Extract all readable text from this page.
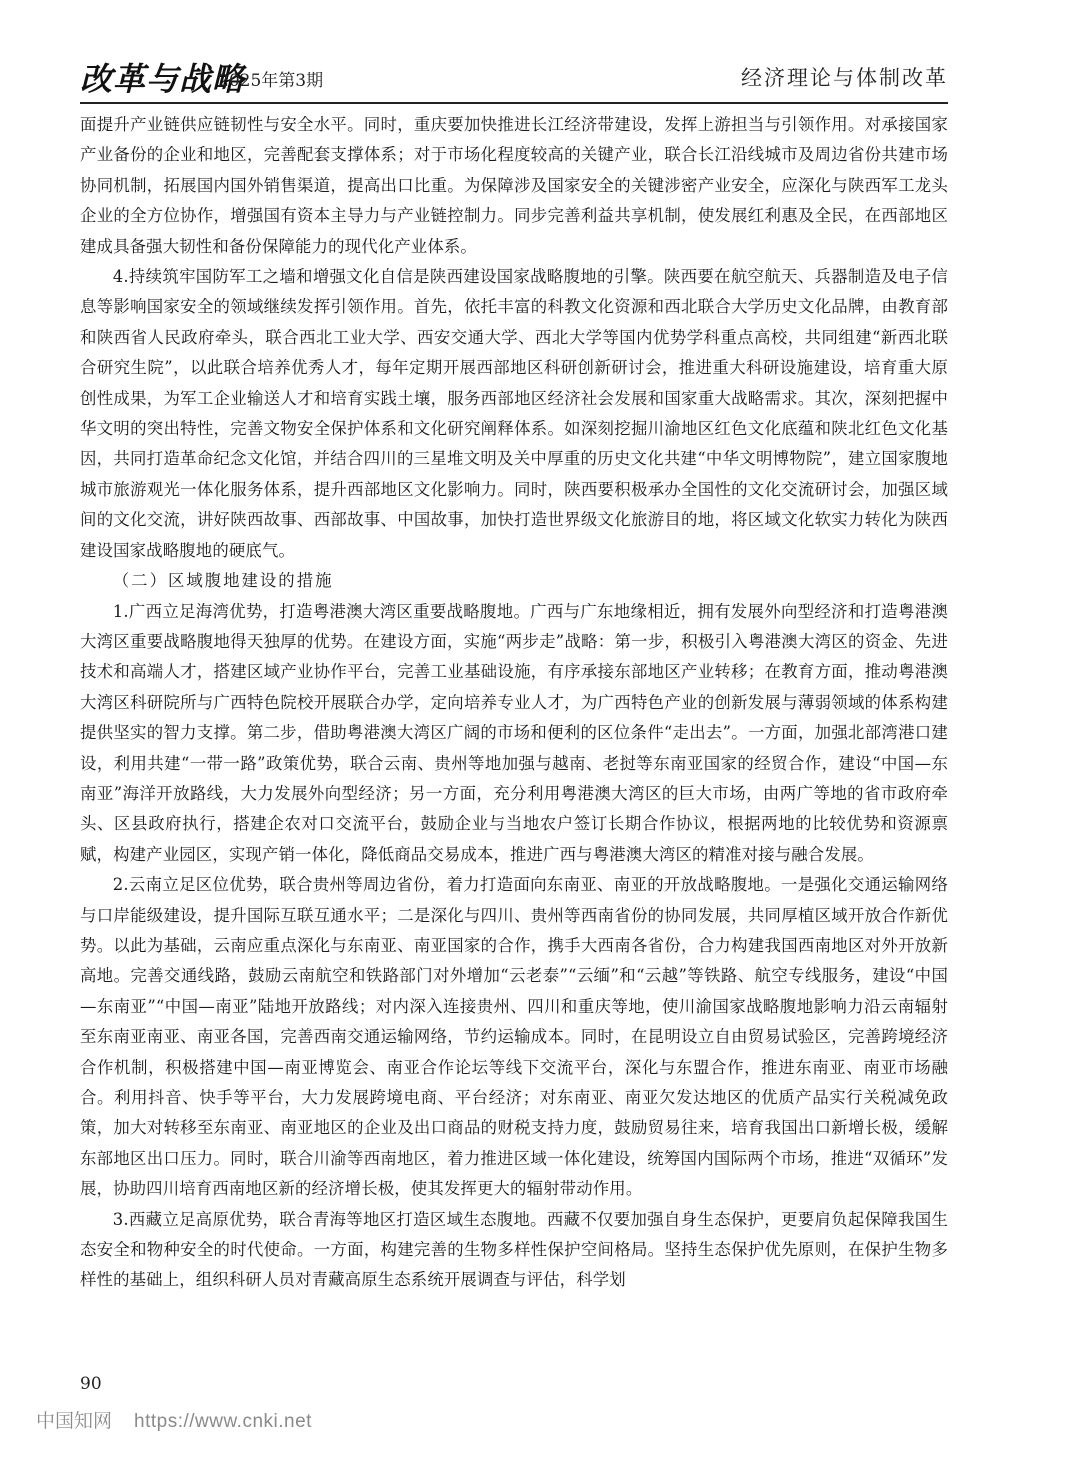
改革与战略
2025年第3期	经济理论与体制改革

面提升产业链供应链韧性与安全水平。同时，重庆要加快推进长江经济带建设，发挥上游担当与引领作用。对承接国家产业备份的企业和地区，完善配套支撑体系；对于市场化程度较高的关键产业，联合长江沿线城市及周边省份共建市场协同机制，拓展国内国外销售渠道，提高出口比重。为保障涉及国家安全的关键涉密产业安全，应深化与陕西军工龙头企业的全方位协作，增强国有资本主导力与产业链控制力。同步完善利益共享机制，使发展红利惠及全民，在西部地区建成具备强大韧性和备份保障能力的现代化产业体系。

4.持续筑牢国防军工之墙和增强文化自信是陕西建设国家战略腹地的引擎。陕西要在航空航天、兵器制造及电子信息等影响国家安全的领域继续发挥引领作用。首先，依托丰富的科教文化资源和西北联合大学历史文化品牌，由教育部和陕西省人民政府牵头，联合西北工业大学、西安交通大学、西北大学等国内优势学科重点高校，共同组建“新西北联合研究生院”，以此联合培养优秀人才，每年定期开展西部地区科研创新研讨会，推进重大科研设施建设，培育重大原创性成果，为军工企业输送人才和培育实践土壤，服务西部地区经济社会发展和国家重大战略需求。其次，深刻把握中华文明的突出特性，完善文物安全保护体系和文化研究阐释体系。如深刻挖掘川渝地区红色文化底蕴和陕北红色文化基因，共同打造革命纪念文化馆，并结合四川的三星堆文明及关中厚重的历史文化共建“中华文明博物院”，建立国家腹地城市旅游观光一体化服务体系，提升西部地区文化影响力。同时，陕西要积极承办全国性的文化交流研讨会，加强区域间的文化交流，讲好陕西故事、西部故事、中国故事，加快打造世界级文化旅游目的地，将区域文化软实力转化为陕西建设国家战略腹地的硬底气。

（二）区域腹地建设的措施

1.广西立足海湾优势，打造粤港澳大湾区重要战略腹地。广西与广东地缘相近，拥有发展外向型经济和打造粤港澳大湾区重要战略腹地得天独厚的优势。在建设方面，实施“两步走”战略：第一步，积极引入粤港澳大湾区的资金、先进技术和高端人才，搭建区域产业协作平台，完善工业基础设施，有序承接东部地区产业转移；在教育方面，推动粤港澳大湾区科研院所与广西特色院校开展联合办学，定向培养专业人才，为广西特色产业的创新发展与薄弱领域的体系构建提供坚实的智力支撑。第二步，借助粤港澳大湾区广阔的市场和便利的区位条件“走出去”。一方面，加强北部湾港口建设，利用共建“一带一路”政策优势，联合云南、贵州等地加强与越南、老挝等东南亚国家的经贸合作，建设“中国—东南亚”海洋开放路线，大力发展外向型经济；另一方面，充分利用粤港澳大湾区的巨大市场，由两广等地的省市政府牵头、区县政府执行，搭建企农对口交流平台，鼓励企业与当地农户签订长期合作协议，根据两地的比较优势和资源禀赋，构建产业园区，实现产销一体化，降低商品交易成本，推进广西与粤港澳大湾区的精准对接与融合发展。

2.云南立足区位优势，联合贵州等周边省份，着力打造面向东南亚、南亚的开放战略腹地。一是强化交通运输网络与口岸能级建设，提升国际互联互通水平；二是深化与四川、贵州等西南省份的协同发展，共同厚植区域开放合作新优势。以此为基础，云南应重点深化与东南亚、南亚国家的合作，携手大西南各省份，合力构建我国西南地区对外开放新高地。完善交通线路，鼓励云南航空和铁路部门对外增加“云老泰”“云缅”和“云越”等铁路、航空专线服务，建设“中国—东南亚”“中国—南亚”陆地开放路线；对内深入连接贵州、四川和重庆等地，使川渝国家战略腹地影响力沿云南辐射至东南亚南亚、南亚各国，完善西南交通运输网络，节约运输成本。同时，在昆明设立自由贸易试验区，完善跨境经济合作机制，积极搭建中国—南亚博览会、南亚合作论坛等线下交流平台，深化与东盟合作，推进东南亚、南亚市场融合。利用抖音、快手等平台，大力发展跨境电商、平台经济；对东南亚、南亚欠发达地区的优质产品实行关税减免政策，加大对转移至东南亚、南亚地区的企业及出口商品的财税支持力度，鼓励贸易往来，培育我国出口新增长极，缓解东部地区出口压力。同时，联合川渝等西南地区，着力推进区域一体化建设，统筹国内国际两个市场，推进“双循环”发展，协助四川培育西南地区新的经济增长极，使其发挥更大的辐射带动作用。

3.西藏立足高原优势，联合青海等地区打造区域生态腹地。西藏不仅要加强自身生态保护，更要肩负起保障我国生态安全和物种安全的时代使命。一方面，构建完善的生物多样性保护空间格局。坚持生态保护优先原则，在保护生物多样性的基础上，组织科研人员对青藏高原生态系统开展调查与评估，科学划

90
中国知网 https://www.cnki.net
